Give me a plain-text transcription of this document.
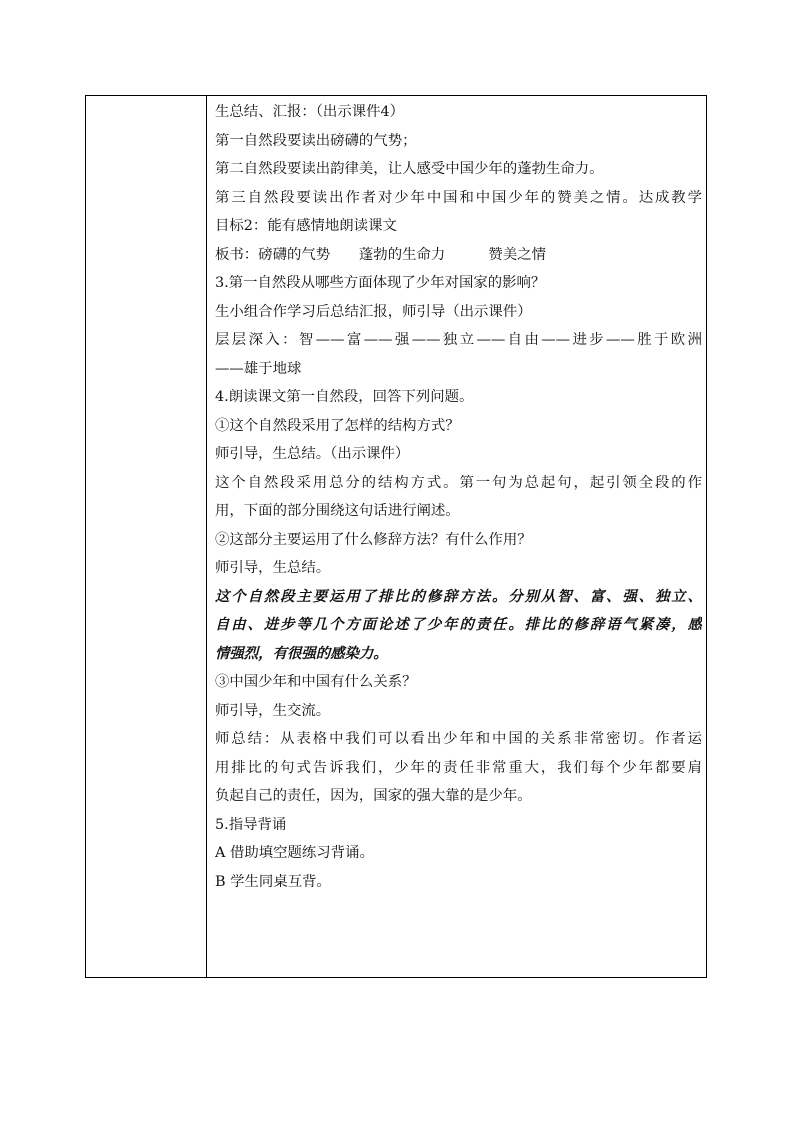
生总结、汇报：（出示课件4）
第一自然段要读出磅礴的气势；
第二自然段要读出韵律美，让人感受中国少年的蓬勃生命力。
第三自然段要读出作者对少年中国和中国少年的赞美之情。达成教学
目标2：能有感情地朗读课文
板书：磅礴的气势　　蓬勃的生命力　　　赞美之情
3.第一自然段从哪些方面体现了少年对国家的影响？
生小组合作学习后总结汇报，师引导（出示课件）
层层深入：智——富——强——独立——自由——进步——胜于欧洲
——雄于地球
4.朗读课文第一自然段，回答下列问题。
①这个自然段采用了怎样的结构方式？
师引导，生总结。（出示课件）
这个自然段采用总分的结构方式。第一句为总起句，起引领全段的作
用，下面的部分围绕这句话进行阐述。
②这部分主要运用了什么修辞方法？有什么作用？
师引导，生总结。
这个自然段主要运用了排比的修辞方法。分别从智、富、强、独立、
自由、进步等几个方面论述了少年的责任。排比的修辞语气紧凑，感
情强烈，有很强的感染力。
③中国少年和中国有什么关系？
师引导，生交流。
师总结：从表格中我们可以看出少年和中国的关系非常密切。作者运
用排比的句式告诉我们，少年的责任非常重大，我们每个少年都要肩
负起自己的责任，因为，国家的强大靠的是少年。
5.指导背诵
A 借助填空题练习背诵。
B 学生同桌互背。
